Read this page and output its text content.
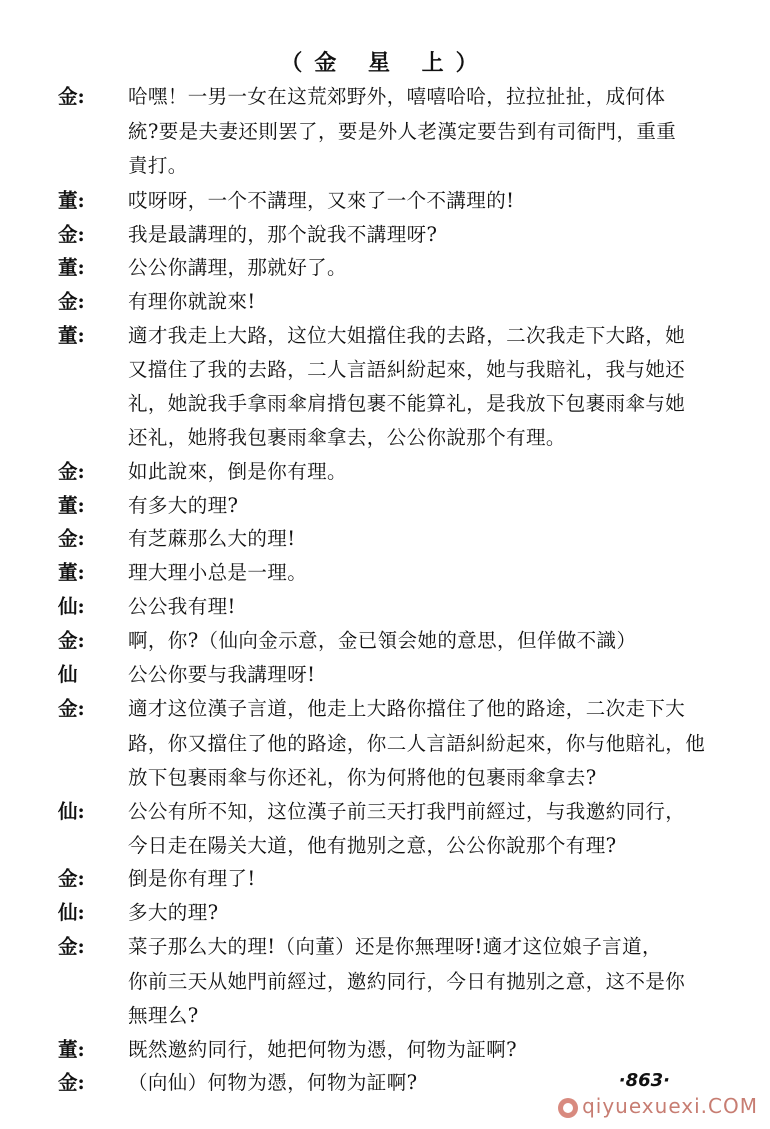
（金 星 上）
金: 哈嘿！一男一女在这荒郊野外，嘻嘻哈哈，拉拉扯扯，成何体
統?要是夫妻还則罢了，要是外人老漢定要告到有司衙門，重重
責打。
董: 哎呀呀，一个不講理，又來了一个不講理的!
金: 我是最講理的，那个說我不講理呀?
董: 公公你講理，那就好了。
金: 有理你就說來!
董: 適才我走上大路，这位大姐擋住我的去路，二次我走下大路，她
又擋住了我的去路，二人言語糾紛起來，她与我賠礼，我与她还
礼，她說我手拿雨傘肩揹包裹不能算礼，是我放下包裹雨傘与她
还礼，她將我包裹雨傘拿去，公公你說那个有理。
金: 如此說來，倒是你有理。
董: 有多大的理?
金: 有芝蔴那么大的理!
董: 理大理小总是一理。
仙: 公公我有理!
金: 啊，你?（仙向金示意，金已領会她的意思，但佯做不識）
仙	公公你要与我講理呀!
金: 適才这位漢子言道，他走上大路你擋住了他的路途，二次走下大
路，你又擋住了他的路途，你二人言語糾紛起來，你与他賠礼，他
放下包裹雨傘与你还礼，你为何將他的包裹雨傘拿去?
仙: 公公有所不知，这位漢子前三天打我門前經过，与我邀約同行，
今日走在陽关大道，他有拋别之意，公公你說那个有理?
金: 倒是你有理了!
仙: 多大的理?
金: 菜子那么大的理!（向董）还是你無理呀!適才这位娘子言道，
你前三天从她門前經过，邀約同行，今日有拋别之意，这不是你
無理么?
董: 既然邀約同行，她把何物为憑，何物为証啊?
金: （向仙）何物为憑，何物为証啊?	·863·
qiyuexuexi.COM
